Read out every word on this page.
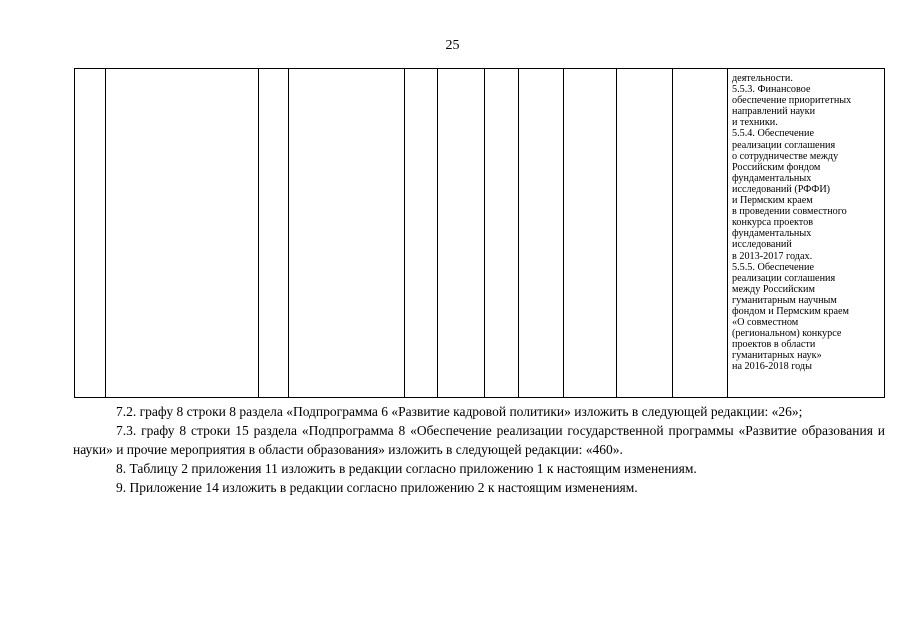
25
деятельности.
5.5.3. Финансовое
обеспечение приоритетных
направлений науки
и техники.
5.5.4. Обеспечение
реализации соглашения
о сотрудничестве между
Российским фондом
фундаментальных
исследований (РФФИ)
и Пермским краем
в проведении совместного
конкурса проектов
фундаментальных
исследований
в 2013-2017 годах.
5.5.5. Обеспечение
реализации соглашения
между Российским
гуманитарным научным
фондом и Пермским краем
«О совместном
(региональном) конкурсе
проектов в области
гуманитарных наук»
на 2016-2018 годы

7.2. графу 8 строки 8 раздела «Подпрограмма 6 «Развитие кадровой политики» изложить в следующей редакции: «26»;

7.3. графу 8 строки 15 раздела «Подпрограмма 8 «Обеспечение реализации государственной программы «Развитие образования и науки» и прочие мероприятия в области образования» изложить в следующей редакции: «460».

8. Таблицу 2 приложения 11 изложить в редакции согласно приложению 1 к настоящим изменениям.

9. Приложение 14 изложить в редакции согласно приложению 2 к настоящим изменениям.
